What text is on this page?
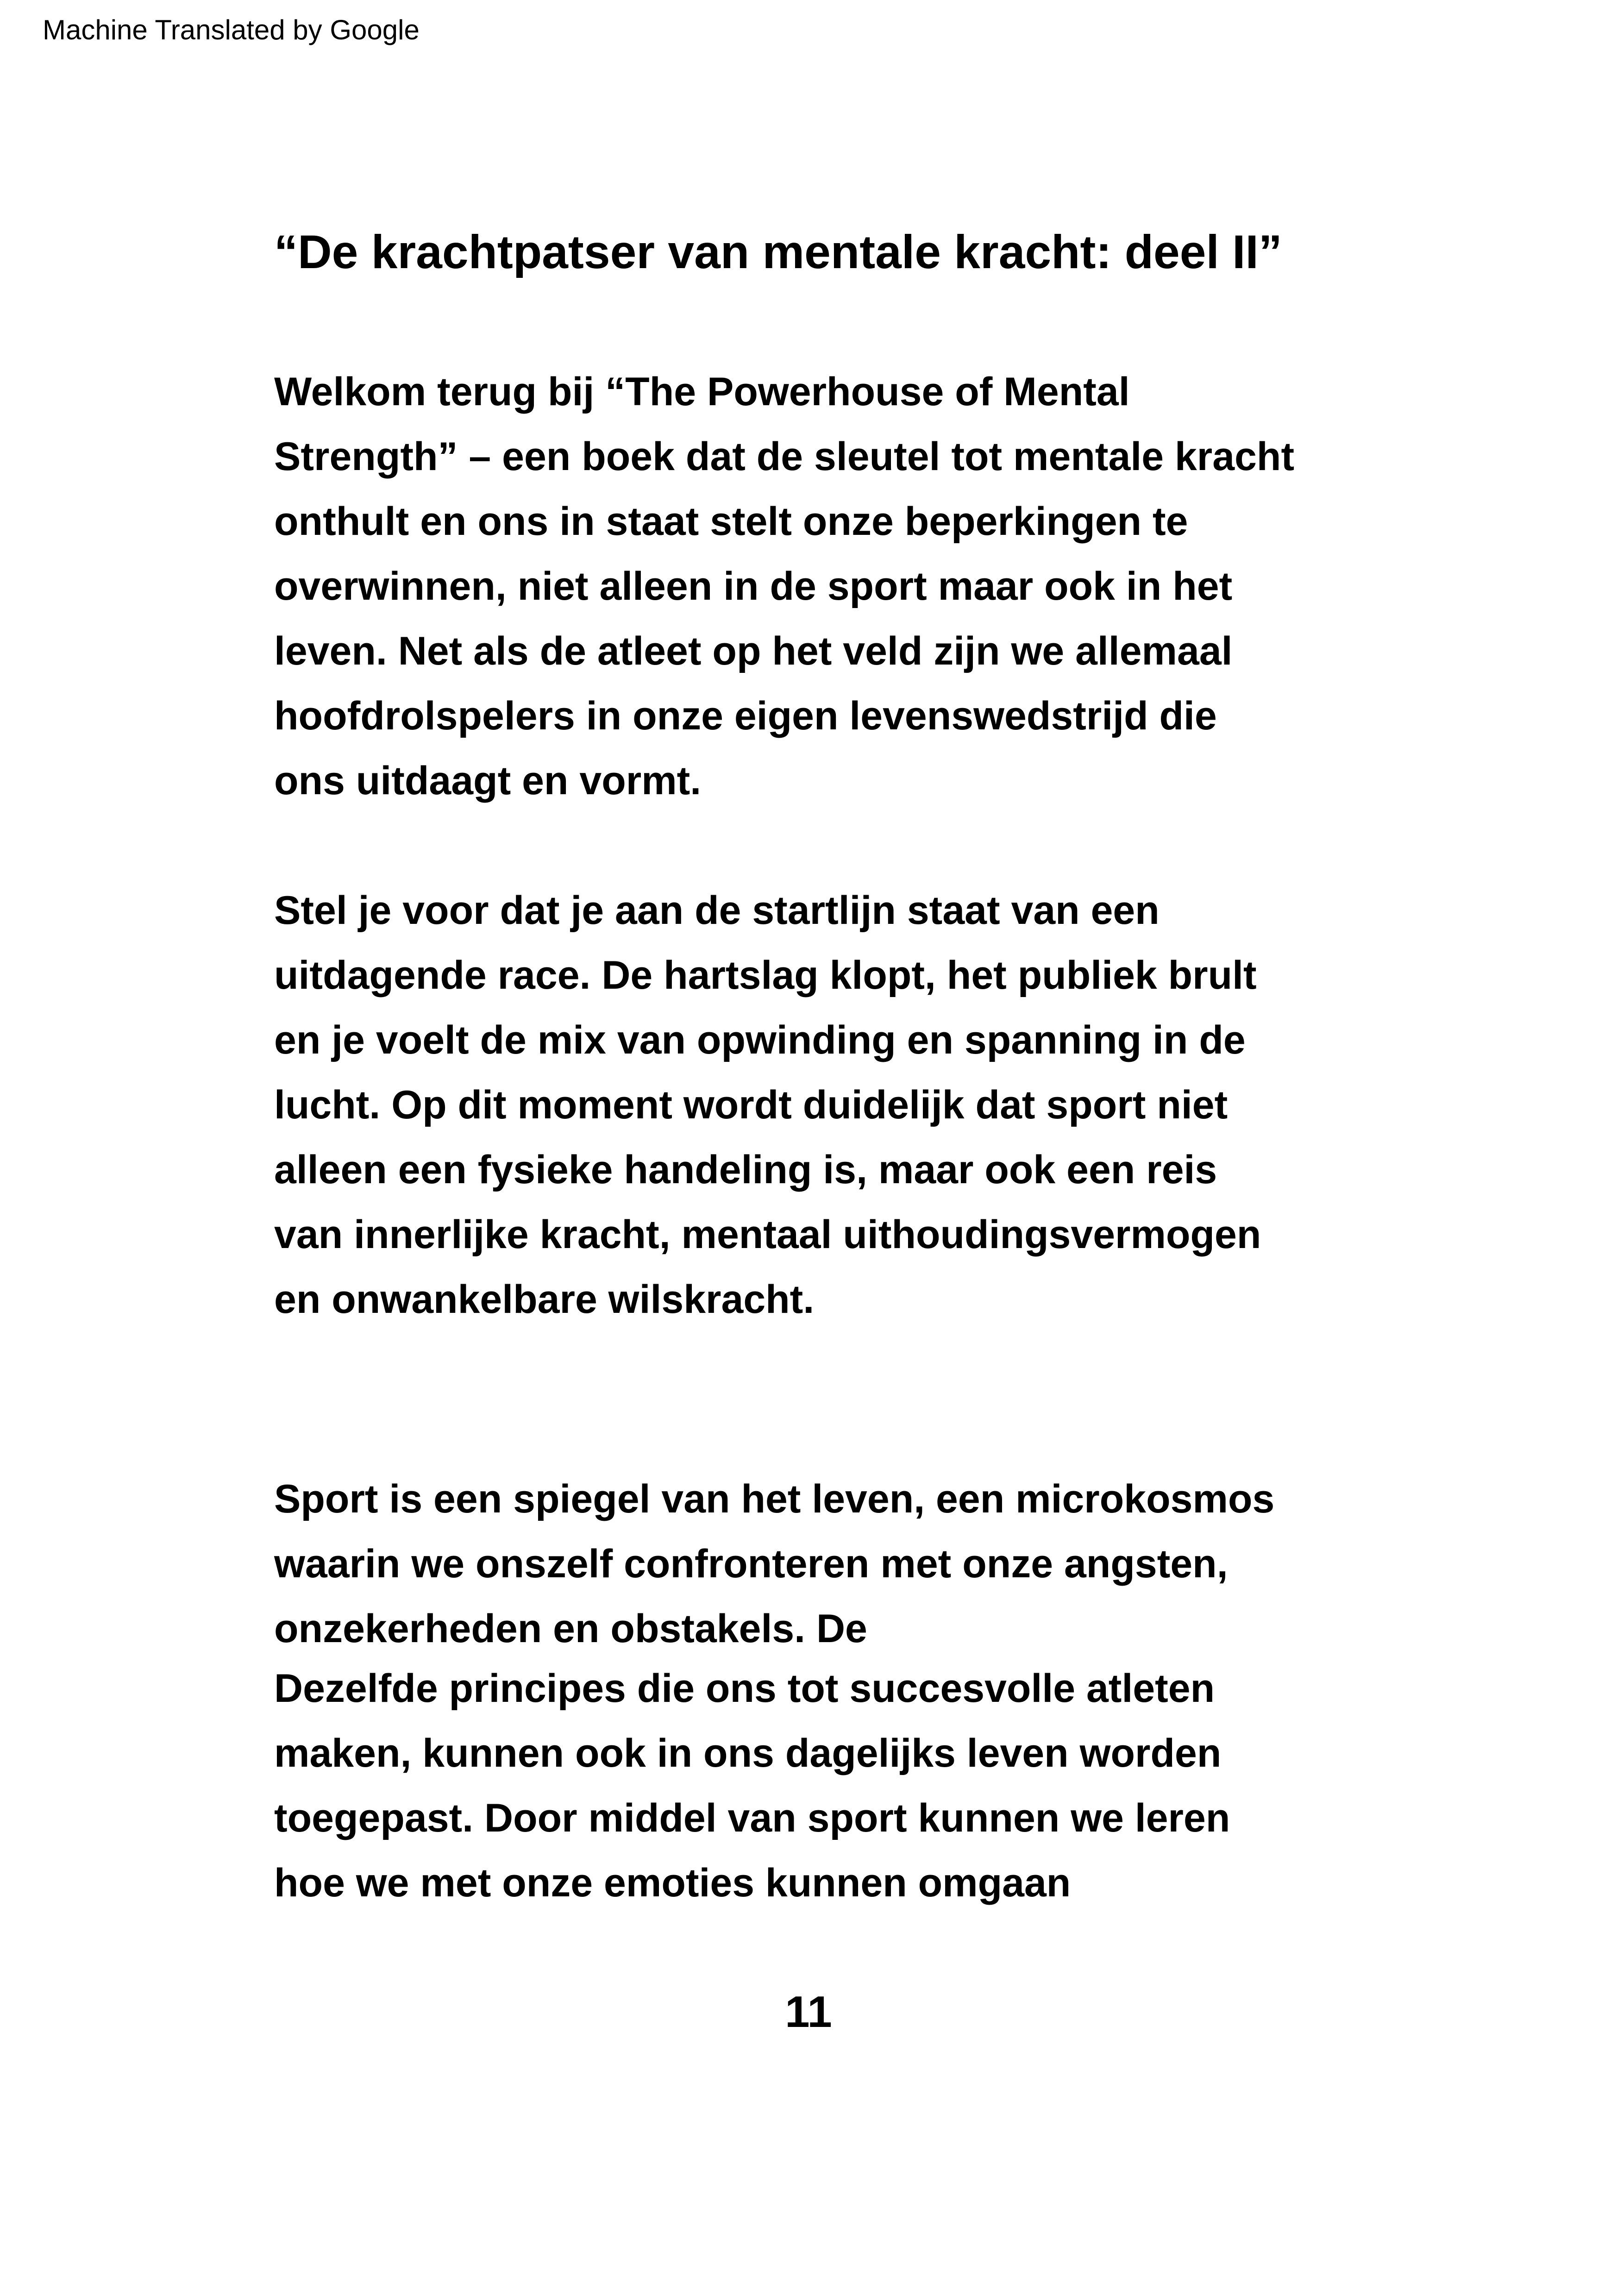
Machine Translated by Google
“De krachtpatser van mentale kracht: deel II”

Welkom terug bij “The Powerhouse of Mental
Strength” – een boek dat de sleutel tot mentale kracht
onthult en ons in staat stelt onze beperkingen te
overwinnen, niet alleen in de sport maar ook in het
leven. Net als de atleet op het veld zijn we allemaal
hoofdrolspelers in onze eigen levenswedstrijd die
ons uitdaagt en vormt.

Stel je voor dat je aan de startlijn staat van een
uitdagende race. De hartslag klopt, het publiek brult
en je voelt de mix van opwinding en spanning in de
lucht. Op dit moment wordt duidelijk dat sport niet
alleen een fysieke handeling is, maar ook een reis
van innerlijke kracht, mentaal uithoudingsvermogen
en onwankelbare wilskracht.

Sport is een spiegel van het leven, een microkosmos
waarin we onszelf confronteren met onze angsten,
onzekerheden en obstakels. De

Dezelfde principes die ons tot succesvolle atleten
maken, kunnen ook in ons dagelijks leven worden
toegepast. Door middel van sport kunnen we leren
hoe we met onze emoties kunnen omgaan

11
